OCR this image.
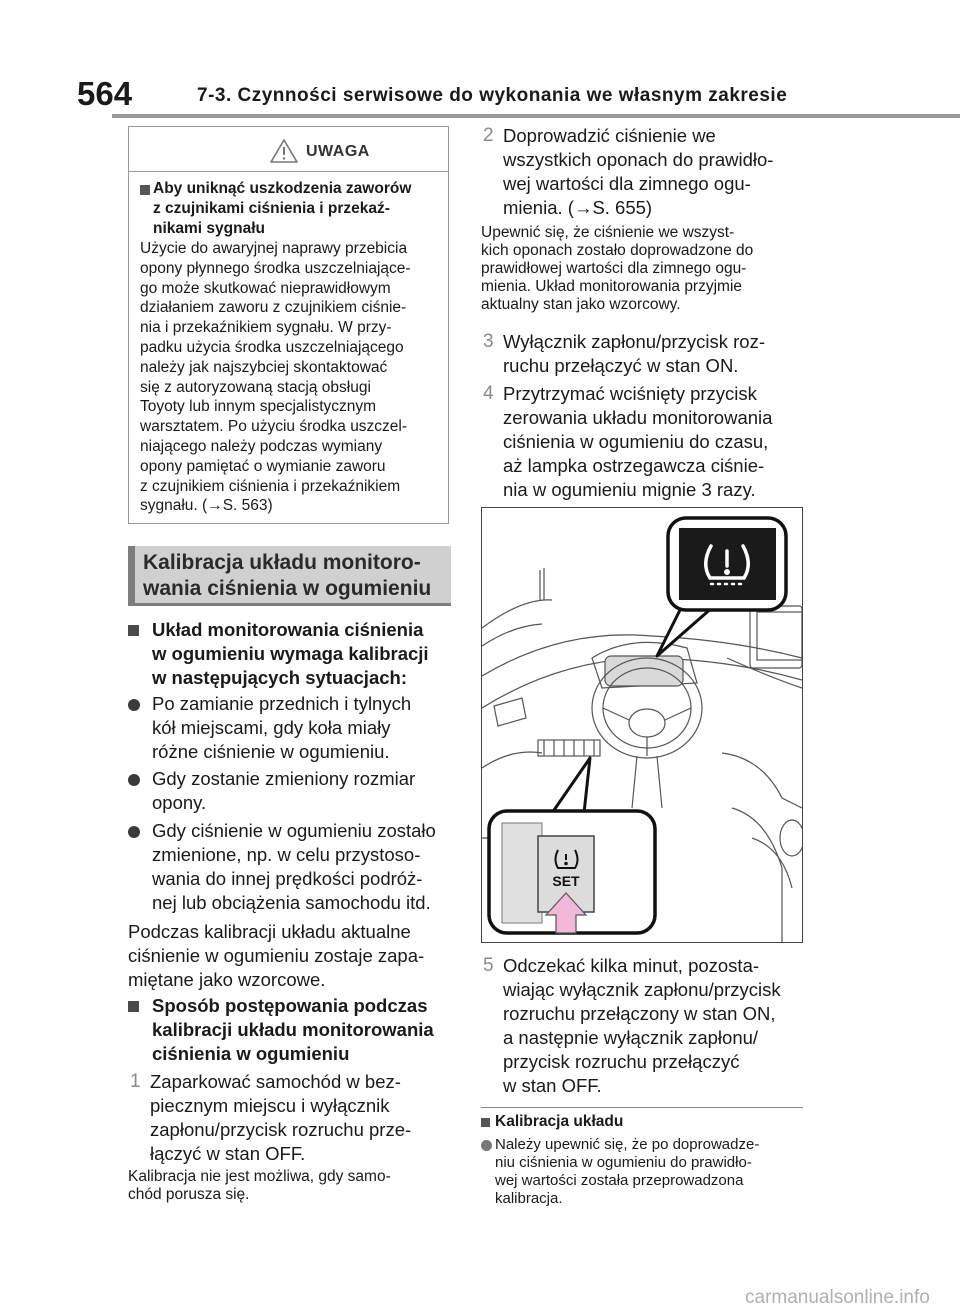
564	7-3. Czynności serwisowe do wykonania we własnym zakresie
UWAGA
Aby uniknąć uszkodzenia zaworów
z czujnikami ciśnienia i przekaź-
nikami sygnału
Użycie do awaryjnej naprawy przebicia
opony płynnego środka uszczelniające-
go może skutkować nieprawidłowym
działaniem zaworu z czujnikiem ciśnie-
nia i przekaźnikiem sygnału. W przy-
padku użycia środka uszczelniającego
należy jak najszybciej skontaktować
się z autoryzowaną stacją obsługi
Toyoty lub innym specjalistycznym
warsztatem. Po użyciu środka uszczel-
niającego należy podczas wymiany
opony pamiętać o wymianie zaworu
z czujnikiem ciśnienia i przekaźnikiem
sygnału. (→S. 563)
Kalibracja układu monitoro-
wania ciśnienia w ogumieniu
Układ monitorowania ciśnienia
w ogumieniu wymaga kalibracji
w następujących sytuacjach:
Po zamianie przednich i tylnych
kół miejscami, gdy koła miały
różne ciśnienie w ogumieniu.
Gdy zostanie zmieniony rozmiar
opony.
Gdy ciśnienie w ogumieniu zostało
zmienione, np. w celu przystoso-
wania do innej prędkości podróż-
nej lub obciążenia samochodu itd.
Podczas kalibracji układu aktualne
ciśnienie w ogumieniu zostaje zapa-
miętane jako wzorcowe.
Sposób postępowania podczas
kalibracji układu monitorowania
ciśnienia w ogumieniu
1 Zaparkować samochód w bez-
piecznym miejscu i wyłącznik
zapłonu/przycisk rozruchu prze-
łączyć w stan OFF.
Kalibracja nie jest możliwa, gdy samo-
chód porusza się.
2 Doprowadzić ciśnienie we
wszystkich oponach do prawidło-
wej wartości dla zimnego ogu-
mienia. (→S. 655)
Upewnić się, że ciśnienie we wszyst-
kich oponach zostało doprowadzone do
prawidłowej wartości dla zimnego ogu-
mienia. Układ monitorowania przyjmie
aktualny stan jako wzorcowy.
3 Wyłącznik zapłonu/przycisk roz-
ruchu przełączyć w stan ON.
4 Przytrzymać wciśnięty przycisk
zerowania układu monitorowania
ciśnienia w ogumieniu do czasu,
aż lampka ostrzegawcza ciśnie-
nia w ogumieniu mignie 3 razy.
SET
5 Odczekać kilka minut, pozosta-
wiając wyłącznik zapłonu/przycisk
rozruchu przełączony w stan ON,
a następnie wyłącznik zapłonu/
przycisk rozruchu przełączyć
w stan OFF.
Kalibracja układu
Należy upewnić się, że po doprowadze-
niu ciśnienia w ogumieniu do prawidło-
wej wartości została przeprowadzona
kalibracja.
carmanualsonline.info
